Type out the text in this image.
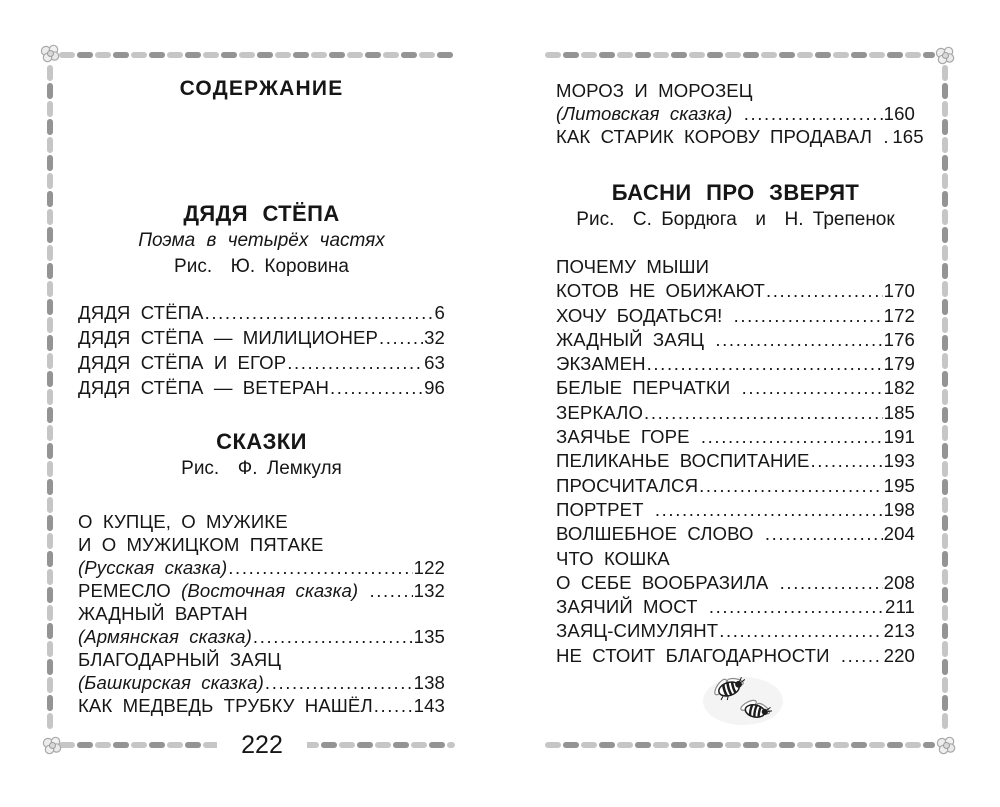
СОДЕРЖАНИЕ
ДЯДЯ СТЁПА
Поэма в четырёх частях
Рис.  Ю. Коровина
ДЯДЯ СТЁПА .....	6
ДЯДЯ СТЁПА — МИЛИЦИОНЕР ..... 32
ДЯДЯ СТЁПА И ЕГОР .....	63
ДЯДЯ СТЁПА — ВЕТЕРАН .....	96
СКАЗКИ
Рис.  Ф. Лемкуля
О КУПЦЕ, О МУЖИКЕ
И О МУЖИЦКОМ ПЯТАКЕ
(Русская сказка) .....	122
РЕМЕСЛО (Восточная сказка) ..... 132
ЖАДНЫЙ ВАРТАН
(Армянская сказка) .....	135
БЛАГОДАРНЫЙ ЗАЯЦ
(Башкирская сказка) .....	138
КАК МЕДВЕДЬ ТРУБКУ НАШЁЛ ..... 143
МОРОЗ И МОРОЗЕЦ
(Литовская сказка) .....	160
КАК СТАРИК КОРОВУ ПРОДАВАЛ ..... 165
БАСНИ ПРО ЗВЕРЯТ
Рис.  С. Бордюга  и  Н. Трепенок
ПОЧЕМУ МЫШИ
КОТОВ НЕ ОБИЖАЮТ .....	170
ХОЧУ БОДАТЬСЯ! .....	172
ЖАДНЫЙ ЗАЯЦ .....	176
ЭКЗАМЕН .....	179
БЕЛЫЕ ПЕРЧАТКИ .....	182
ЗЕРКАЛО .....	185
ЗАЯЧЬЕ ГОРЕ .....	191
ПЕЛИКАНЬЕ ВОСПИТАНИЕ .....	193
ПРОСЧИТАЛСЯ .....	195
ПОРТРЕТ .....	198
ВОЛШЕБНОЕ СЛОВО .....	204
ЧТО КОШКА
О СЕБЕ ВООБРАЗИЛА .....	208
ЗАЯЧИЙ МОСТ .....	211
ЗАЯЦ-СИМУЛЯНТ .....	213
НЕ СТОИТ БЛАГОДАРНОСТИ ..... 220
222
